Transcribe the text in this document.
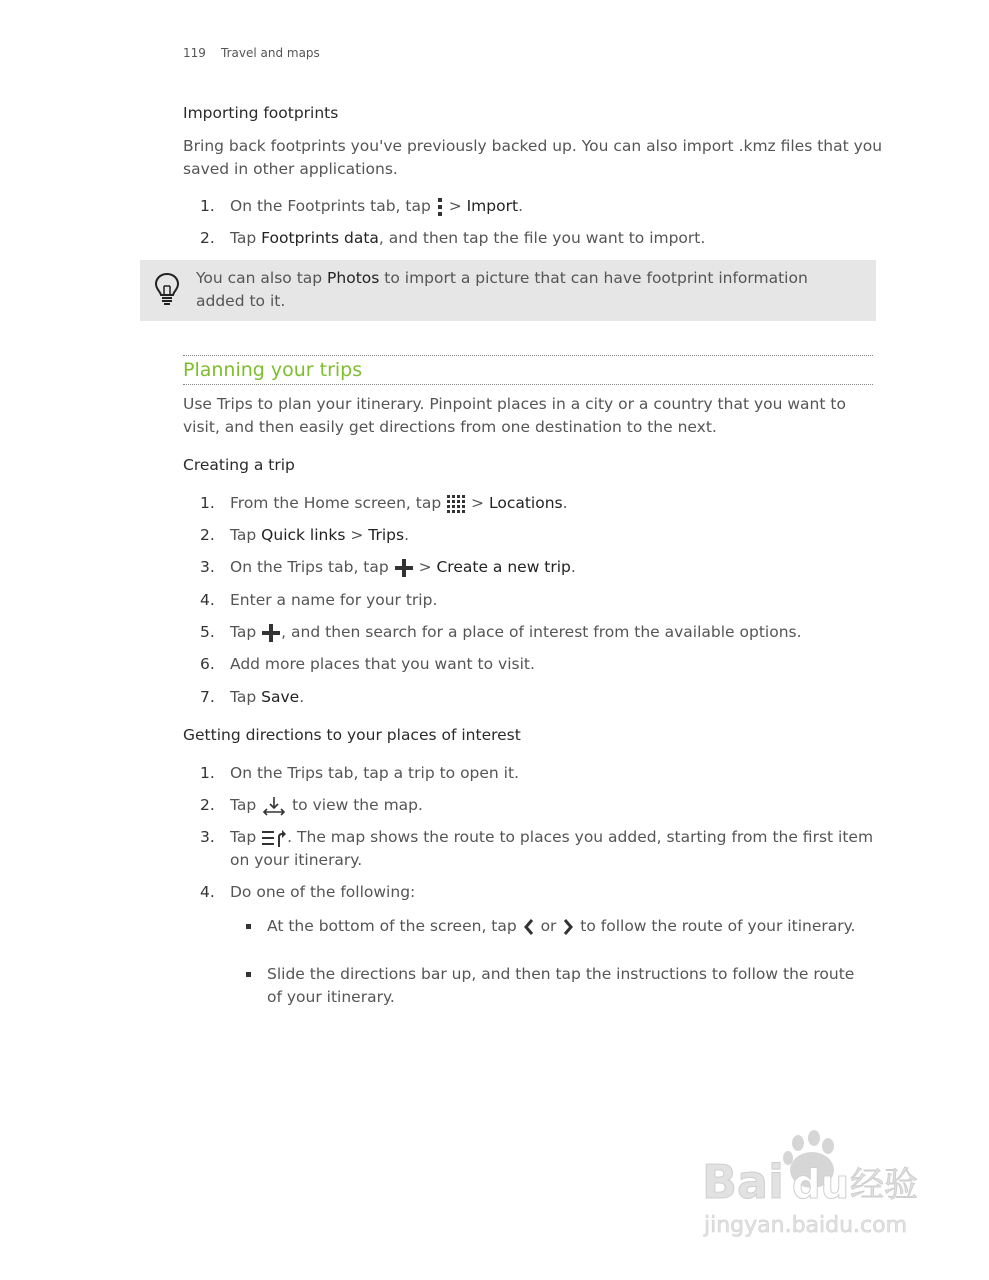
119 Travel and maps
Importing footprints
Bring back footprints you've previously backed up. You can also import .kmz files that you saved in other applications.
1. On the Footprints tab, tap  > Import.
2. Tap Footprints data, and then tap the file you want to import.
You can also tap Photos to import a picture that can have footprint information added to it.
Planning your trips
Use Trips to plan your itinerary. Pinpoint places in a city or a country that you want to visit, and then easily get directions from one destination to the next.
Creating a trip
1. From the Home screen, tap  > Locations.
2. Tap Quick links > Trips.
3. On the Trips tab, tap  > Create a new trip.
4. Enter a name for your trip.
5. Tap , and then search for a place of interest from the available options.
6. Add more places that you want to visit.
7. Tap Save.
Getting directions to your places of interest
1. On the Trips tab, tap a trip to open it.
2. Tap  to view the map.
3. Tap . The map shows the route to places you added, starting from the first item on your itinerary.
4. Do one of the following:
At the bottom of the screen, tap  or  to follow the route of your itinerary.
Slide the directions bar up, and then tap the instructions to follow the route of your itinerary.
Bai du 经验
jingyan.baidu.com
